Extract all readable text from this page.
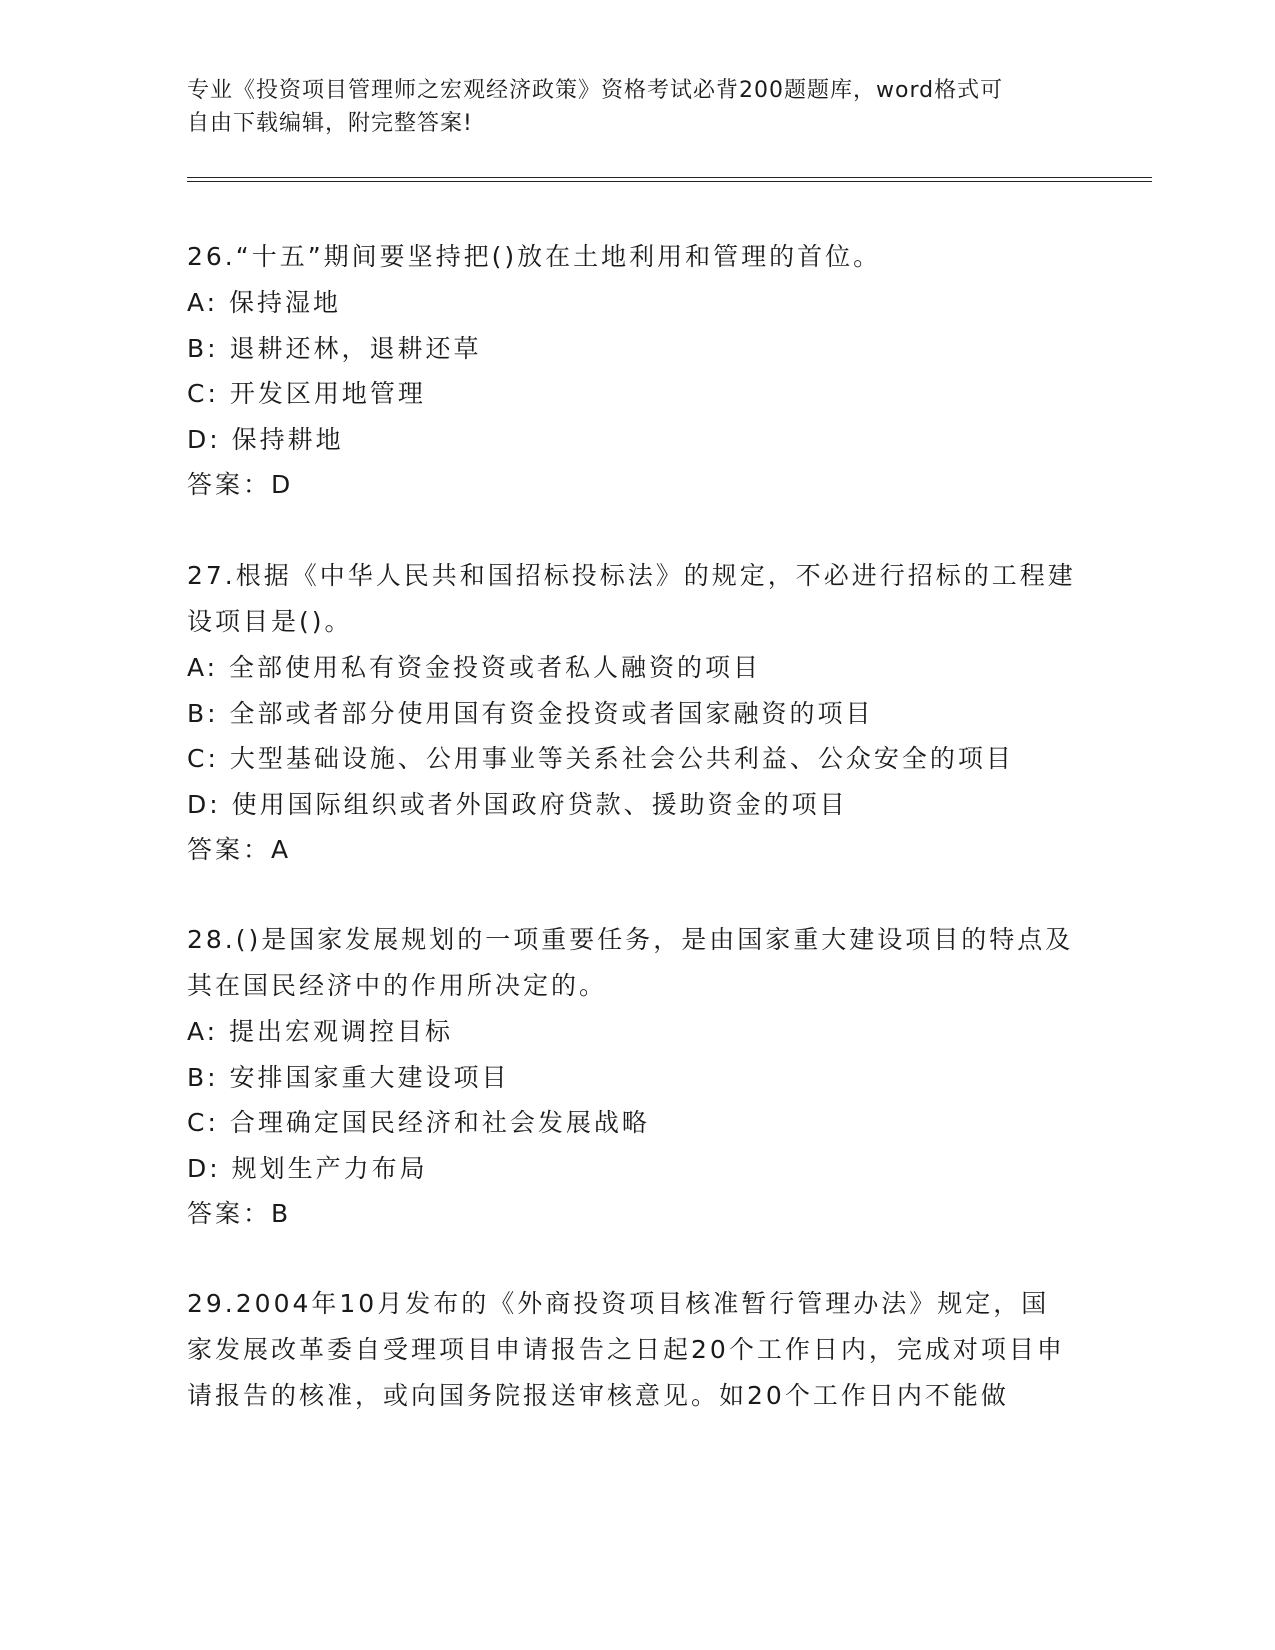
专业《投资项目管理师之宏观经济政策》资格考试必背200题题库，word格式可
自由下载编辑，附完整答案!
26.“十五”期间要坚持把()放在土地利用和管理的首位。
A: 保持湿地
B: 退耕还林，退耕还草
C: 开发区用地管理
D: 保持耕地
答案：D
27.根据《中华人民共和国招标投标法》的规定，不必进行招标的工程建设项目是()。
A: 全部使用私有资金投资或者私人融资的项目
B: 全部或者部分使用国有资金投资或者国家融资的项目
C: 大型基础设施、公用事业等关系社会公共利益、公众安全的项目
D: 使用国际组织或者外国政府贷款、援助资金的项目
答案：A
28.()是国家发展规划的一项重要任务，是由国家重大建设项目的特点及其在国民经济中的作用所决定的。
A: 提出宏观调控目标
B: 安排国家重大建设项目
C: 合理确定国民经济和社会发展战略
D: 规划生产力布局
答案：B
29.2004年10月发布的《外商投资项目核准暂行管理办法》规定，国家发展改革委自受理项目申请报告之日起20个工作日内，完成对项目申请报告的核准，或向国务院报送审核意见。如20个工作日内不能做
